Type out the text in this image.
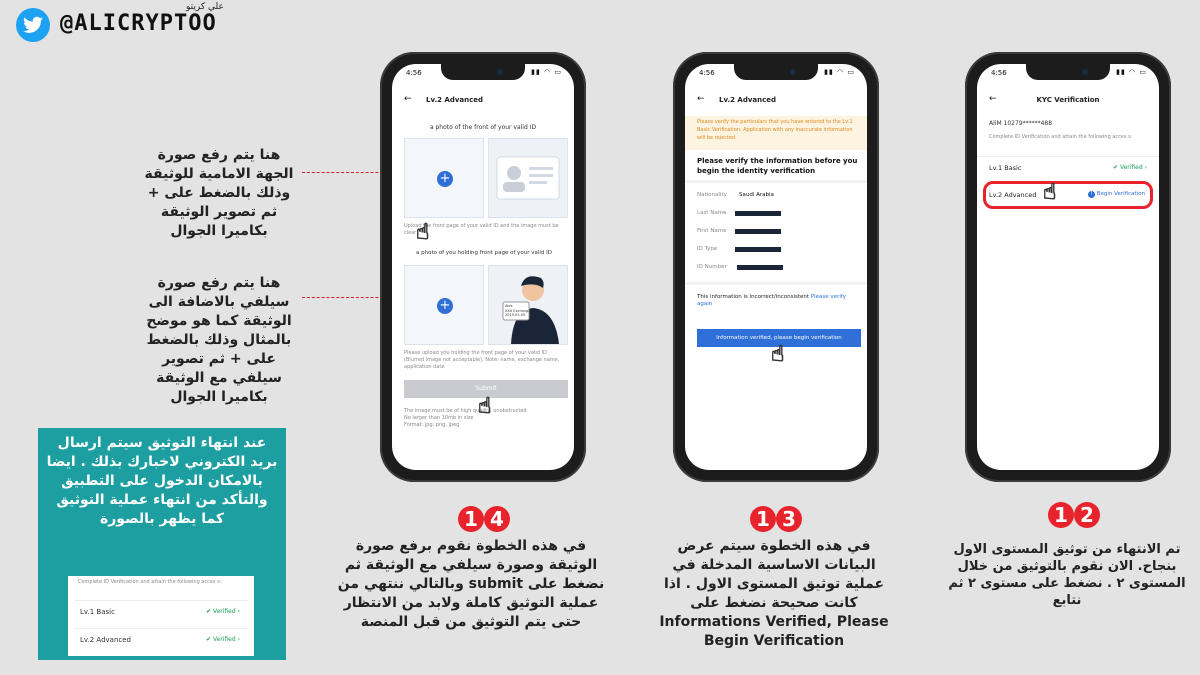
@ALICRYPTOO
علي كريتو
هنا يتم رفع صورة الجهة الامامية للوثيقة وذلك بالضغط على + ثم تصوير الوثيقة بكاميرا الجوال
هنا يتم رفع صورة سيلفي بالاضافة الى الوثيقة كما هو موضح بالمثال وذلك بالضغط على + ثم تصوير سيلفي مع الوثيقة بكاميرا الجوال
عند انتهاء التوثيق سيتم ارسال بريد الكتروني لاخبارك بذلك . ايضا بالامكان الدخول على التطبيق والتأكد من انتهاء عملية التوثيق كما يظهر بالصورة
Complete ID Verification and attain the following acces s:
Lv.1 Basic	✔ Verified ›
Lv.2 Advanced	✔ Verified ›
4:56	▮▮ ◠ ▭
← Lv.2 Advanced
a photo of the front of your valid ID
+
Upload the front page of your valid ID and the image must be clear
a photo of you holding front page of your valid ID
+	Alex
XXX Exchange
2019.03.05
Please upload you holding the front page of your valid ID (Blurred image not acceptable). Note: name, exchange name, application date
Submit
The image must be of high quality, unobstructed
No larger than 10mb in size
Format: jpg, png, jpeg
☝
☝
4:56	▮▮ ◠ ▭
← Lv.2 Advanced
Please verify the particulars that you have entered to the Lv.1 Basic Verification. Application with any inaccurate information will be rejected.
Please verify the information before you begin the identity verification
Nationality Saudi Arabia
Last Name
First Name
ID Type
ID Number
This information is incorrect/inconsistent Please verify again
Information verified, please begin verification
☝
4:56	▮▮ ◠ ▭
←	KYC Verification
AliM 10279******488
Complete ID Verification and attain the following acces s:
Lv.1 Basic	✔ Verified ›
Lv.2 Advanced	! Begin Verification
☝
1 4
في هذه الخطوة نقوم برفع صورة الوثيقة وصورة سيلفي مع الوثيقة ثم نضغط على submit وبالتالي ننتهي من عملية التوثيق كاملة ولابد من الانتظار حتى يتم التوثيق من قبل المنصة
1 3
في هذه الخطوة سيتم عرض البيانات الاساسية المدخلة في عملية توثيق المستوى الاول . اذا كانت صحيحة نضغط على Informations Verified, Please Begin Verification
1 2
تم الانتهاء من توثيق المستوى الاول بنجاح. الان نقوم بالتوثيق من خلال المستوى ٢ . نضغط على مستوى ٢ ثم نتابع
